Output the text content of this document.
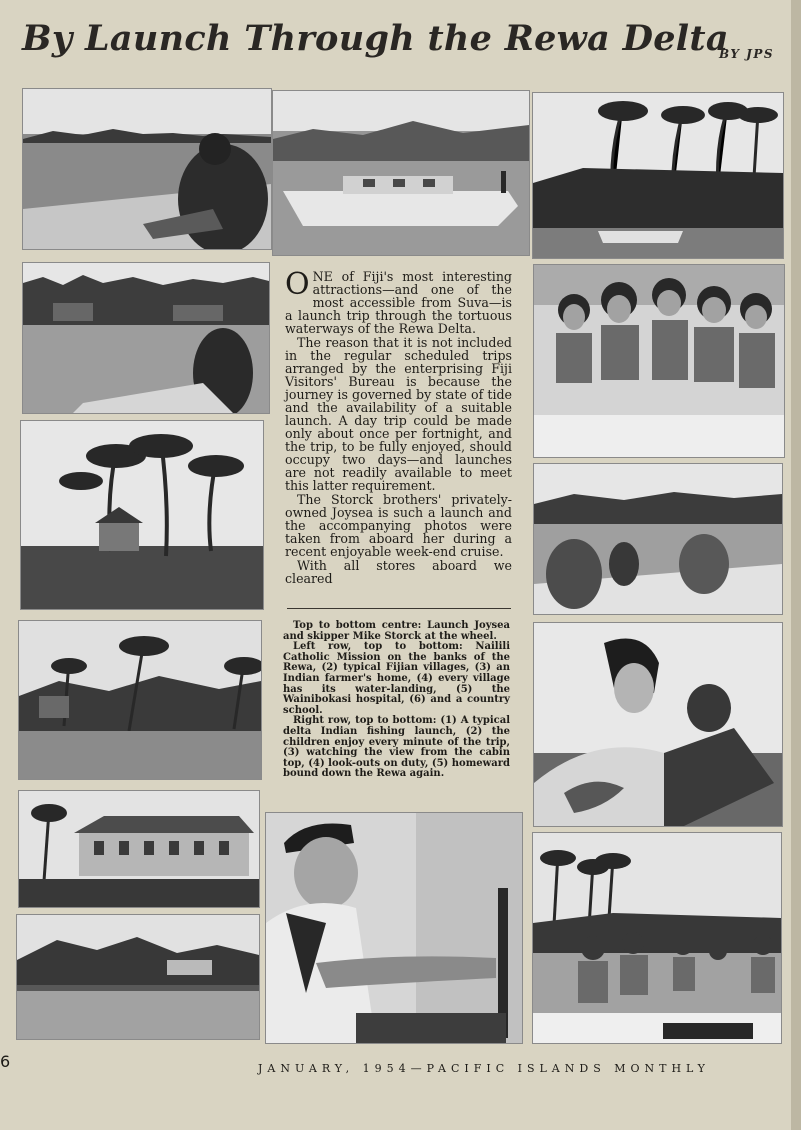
By Launch Through the Rewa Delta
BY JPS

ONE of Fiji's most interesting attractions—and one of the most accessible from Suva—is a launch trip through the tortuous waterways of the Rewa Delta.

The reason that it is not included in the regular scheduled trips arranged by the enterprising Fiji Visitors' Bureau is because the journey is governed by state of tide and the availability of a suitable launch. A day trip could be made only about once per fortnight, and the trip, to be fully enjoyed, should occupy two days—and launches are not readily available to meet this latter requirement.

The Storck brothers' privately-owned Joysea is such a launch and the accompanying photos were taken from aboard her during a recent enjoyable week-end cruise.

With all stores aboard we cleared

Top to bottom centre: Launch Joysea and skipper Mike Storck at the wheel.

Left row, top to bottom: Nailili Catholic Mission on the banks of the Rewa, (2) typical Fijian villages, (3) an Indian farmer's home, (4) every village has its water-landing, (5) the Wainibokasi hospital, (6) and a country school.

Right row, top to bottom: (1) A typical delta Indian fishing launch, (2) the children enjoy every minute of the trip, (3) watching the view from the cabin top, (4) look-outs on duty, (5) homeward bound down the Rewa again.

6	JANUARY, 1954—PACIFIC ISLANDS MONTHLY
